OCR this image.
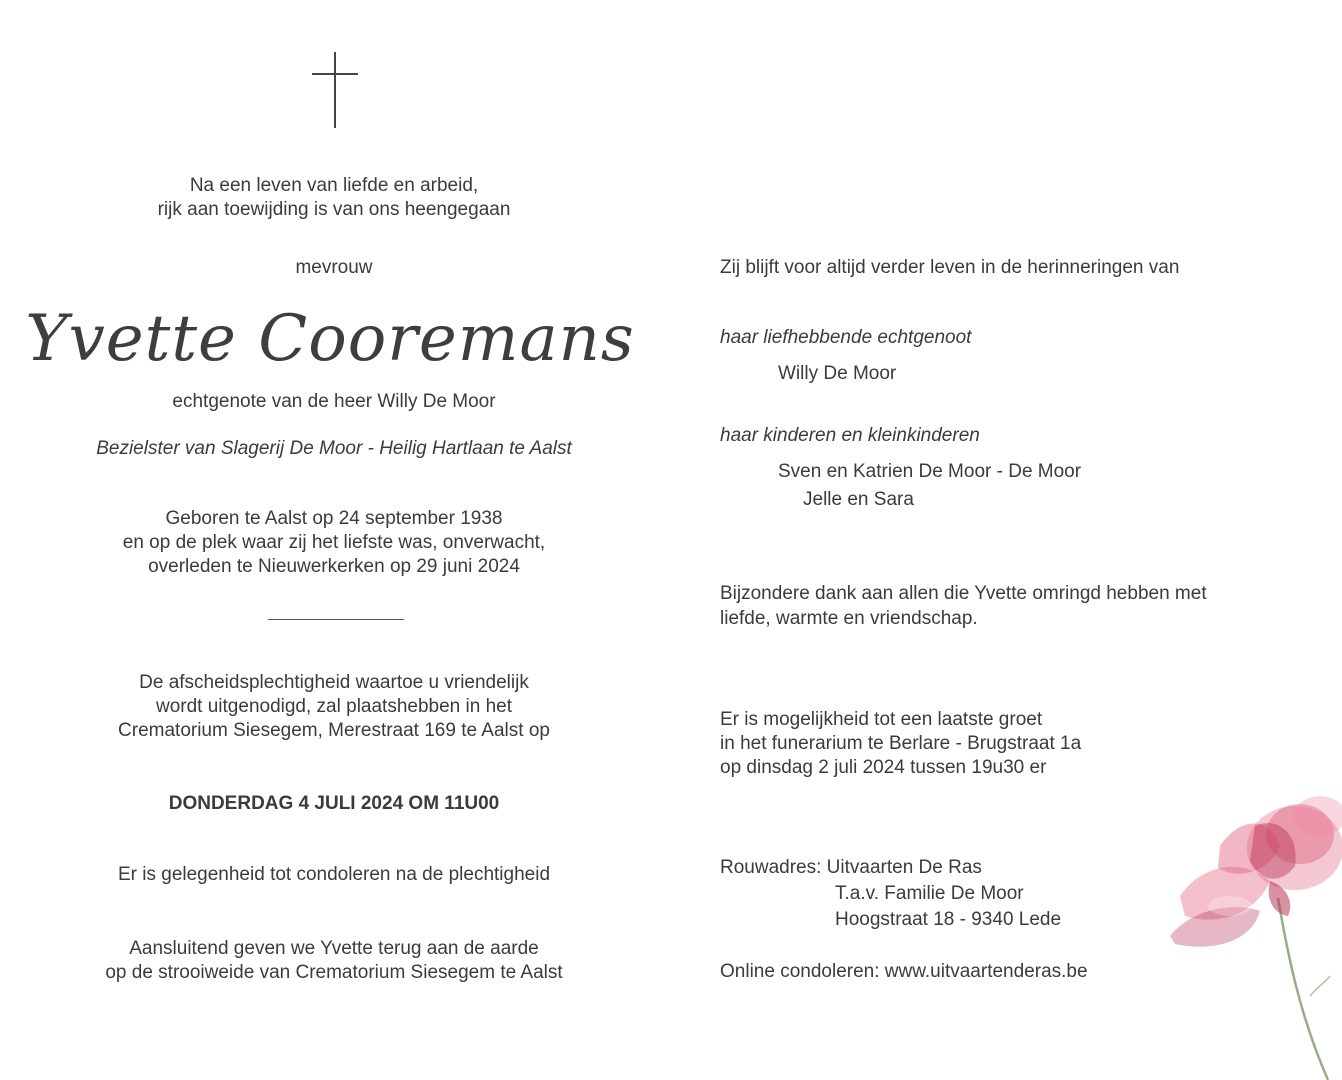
Na een leven van liefde en arbeid,
rijk aan toewijding is van ons heengegaan
mevrouw
Yvette Cooremans
echtgenote van de heer Willy De Moor
Bezielster van Slagerij De Moor - Heilig Hartlaan te Aalst
Geboren te Aalst op 24 september 1938
en op de plek waar zij het liefste was, onverwacht,
overleden te Nieuwerkerken op 29 juni 2024
De afscheidsplechtigheid waartoe u vriendelijk
wordt uitgenodigd, zal plaatshebben in het
Crematorium Siesegem, Merestraat 169 te Aalst op
DONDERDAG 4 JULI 2024 OM 11U00
Er is gelegenheid tot condoleren na de plechtigheid
Aansluitend geven we Yvette terug aan de aarde
op de strooiweide van Crematorium Siesegem te Aalst
Zij blijft voor altijd verder leven in de herinneringen van
haar liefhebbende echtgenoot
Willy De Moor
haar kinderen en kleinkinderen
Sven en Katrien De Moor - De Moor
Jelle en Sara
Bijzondere dank aan allen die Yvette omringd hebben met
liefde, warmte en vriendschap.
Er is mogelijkheid tot een laatste groet
in het funerarium te Berlare - Brugstraat 1a
op dinsdag 2 juli 2024 tussen 19u30 er
Rouwadres: Uitvaarten De Ras
T.a.v. Familie De Moor
Hoogstraat 18 - 9340 Lede
Online condoleren: www.uitvaartenderas.be
